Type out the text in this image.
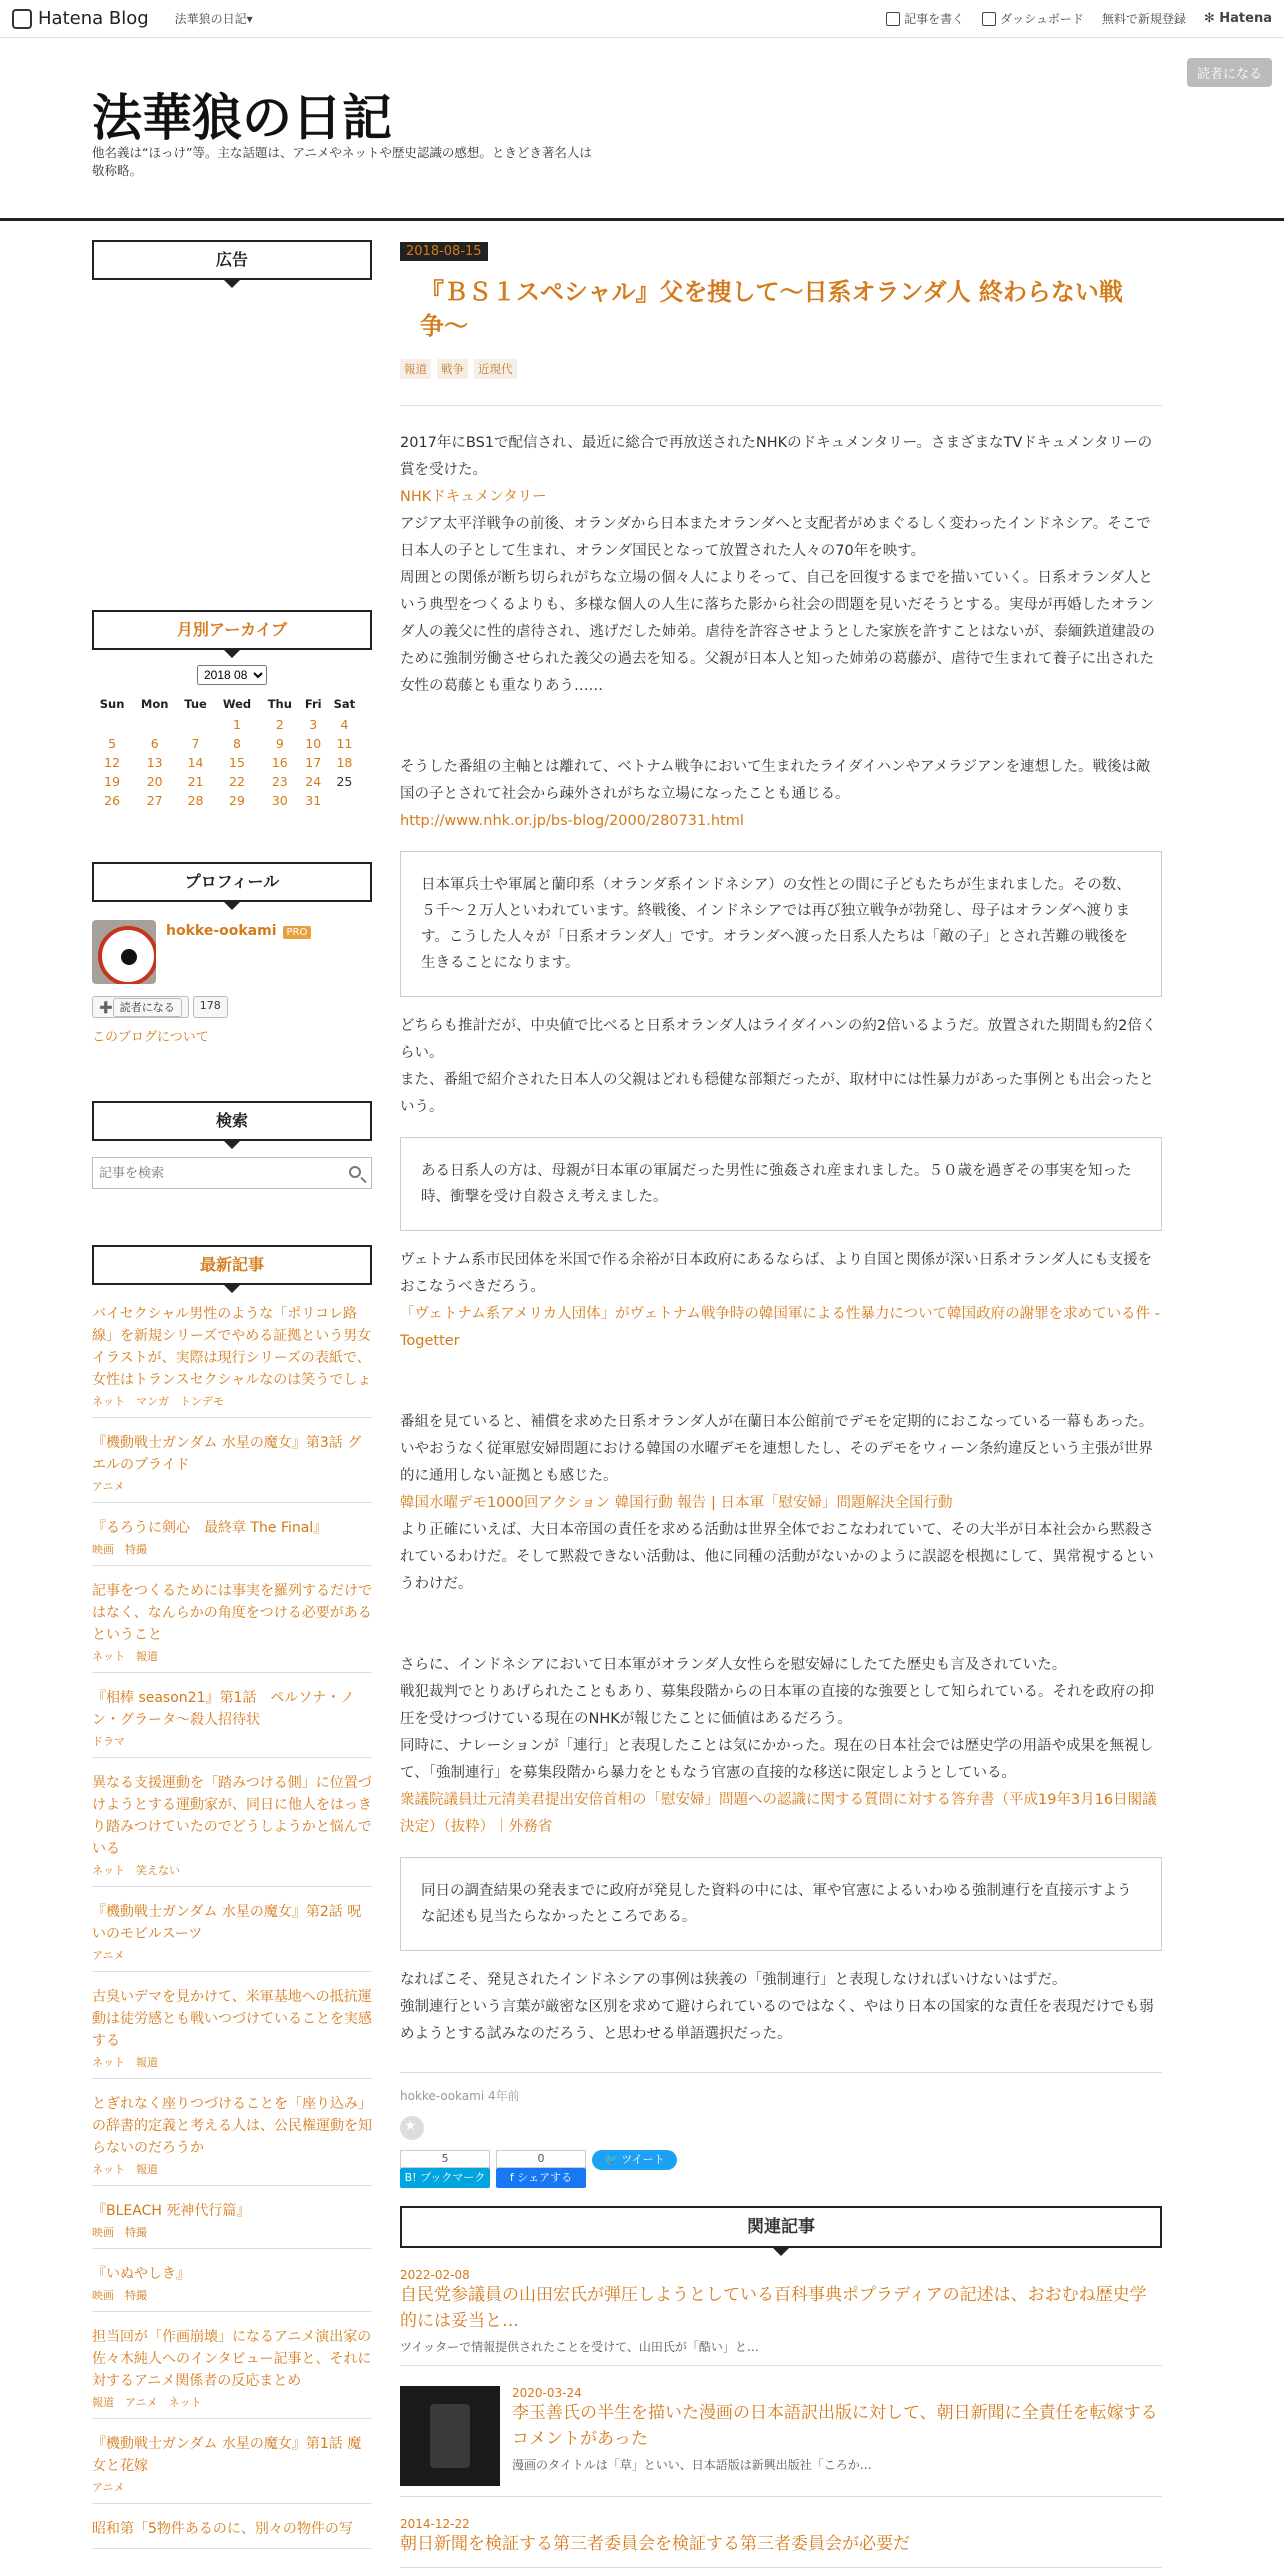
Hatena Blog 法華狼の日記▾	記事を書く	ダッシュボード 無料で新規登録 ✻ Hatena
法華狼の日記
他名義は“ほっけ”等。主な話題は、アニメやネットや歴史認識の感想。ときどき著名人は敬称略。
読者になる
広告
月別アーカイブ
2018 08
Sun	Mon	Tue	Wed	Thu	Fri	Sat
			1	2	3	4
5	6	7	8	9	10	11
12	13	14	15	16	17	18
19	20	21	22	23	24	25
26	27	28	29	30	31	
プロフィール
hokke-ookami PRO
➕ 読者になる	178
このブログについて
検索
記事を検索
最新記事
バイセクシャル男性のような「ポリコレ路線」を新規シリーズでやめる証拠という男女イラストが、実際は現行シリーズの表紙で、女性はトランスセクシャルなのは笑うでしょ
ネット　マンガ　トンデモ
『機動戦士ガンダム 水星の魔女』第3話 グエルのプライド
アニメ
『るろうに剣心　最終章 The Final』
映画　特撮
記事をつくるためには事実を羅列するだけではなく、なんらかの角度をつける必要があるということ
ネット　報道
『相棒 season21』第1話　ペルソナ・ノン・グラータ～殺人招待状
ドラマ
異なる支援運動を「踏みつける側」に位置づけようとする運動家が、同日に他人をはっきり踏みつけていたのでどうしようかと悩んでいる
ネット　笑えない
『機動戦士ガンダム 水星の魔女』第2話 呪いのモビルスーツ
アニメ
古臭いデマを見かけて、米軍基地への抵抗運動は徒労感とも戦いつづけていることを実感する
ネット　報道
とぎれなく座りつづけることを「座り込み」の辞書的定義と考える人は、公民権運動を知らないのだろうか
ネット　報道
『BLEACH 死神代行篇』
映画　特撮
『いぬやしき』
映画　特撮
担当回が「作画崩壊」になるアニメ演出家の佐々木純人へのインタビュー記事と、それに対するアニメ関係者の反応まとめ
報道　アニメ　ネット
『機動戦士ガンダム 水星の魔女』第1話 魔女と花嫁
アニメ
昭和第「5物件あるのに、別々の物件の写
2018-08-15
『ＢＳ１スペシャル』父を捜して〜日系オランダ人 終わらない戦争〜
報道	戦争	近現代

2017年にBS1で配信され、最近に総合で再放送されたNHKのドキュメンタリー。さまざまなTVドキュメンタリーの賞を受けた。

NHKドキュメンタリー

アジア太平洋戦争の前後、オランダから日本またオランダへと支配者がめまぐるしく変わったインドネシア。そこで日本人の子として生まれ、オランダ国民となって放置された人々の70年を映す。

周囲との関係が断ち切られがちな立場の個々人によりそって、自己を回復するまでを描いていく。日系オランダ人という典型をつくるよりも、多様な個人の人生に落ちた影から社会の問題を見いだそうとする。実母が再婚したオランダ人の義父に性的虐待され、逃げだした姉弟。虐待を許容させようとした家族を許すことはないが、泰緬鉄道建設のために強制労働させられた義父の過去を知る。父親が日本人と知った姉弟の葛藤が、虐待で生まれて養子に出された女性の葛藤とも重なりあう……

そうした番組の主軸とは離れて、ベトナム戦争において生まれたライダイハンやアメラジアンを連想した。戦後は敵国の子とされて社会から疎外されがちな立場になったことも通じる。

http://www.nhk.or.jp/bs-blog/2000/280731.html

日本軍兵士や軍属と蘭印系（オランダ系インドネシア）の女性との間に子どもたちが生まれました。その数、５千〜２万人といわれています。終戦後、インドネシアでは再び独立戦争が勃発し、母子はオランダへ渡ります。こうした人々が「日系オランダ人」です。オランダへ渡った日系人たちは「敵の子」とされ苦難の戦後を生きることになります。

どちらも推計だが、中央値で比べると日系オランダ人はライダイハンの約2倍いるようだ。放置された期間も約2倍くらい。

また、番組で紹介された日本人の父親はどれも穏健な部類だったが、取材中には性暴力があった事例とも出会ったという。

ある日系人の方は、母親が日本軍の軍属だった男性に強姦され産まれました。５０歳を過ぎその事実を知った時、衝撃を受け自殺さえ考えました。

ヴェトナム系市民団体を米国で作る余裕が日本政府にあるならば、より自国と関係が深い日系オランダ人にも支援をおこなうべきだろう。

「ヴェトナム系アメリカ人団体」がヴェトナム戦争時の韓国軍による性暴力について韓国政府の謝罪を求めている件 - Togetter

番組を見ていると、補償を求めた日系オランダ人が在蘭日本公館前でデモを定期的におこなっている一幕もあった。

いやおうなく従軍慰安婦問題における韓国の水曜デモを連想したし、そのデモをウィーン条約違反という主張が世界的に通用しない証拠とも感じた。

韓国水曜デモ1000回アクション 韓国行動 報告 | 日本軍「慰安婦」問題解決全国行動

より正確にいえば、大日本帝国の責任を求める活動は世界全体でおこなわれていて、その大半が日本社会から黙殺されているわけだ。そして黙殺できない活動は、他に同種の活動がないかのように誤認を根拠にして、異常視するというわけだ。

さらに、インドネシアにおいて日本軍がオランダ人女性らを慰安婦にしたてた歴史も言及されていた。

戦犯裁判でとりあげられたこともあり、募集段階からの日本軍の直接的な強要として知られている。それを政府の抑圧を受けつづけている現在のNHKが報じたことに価値はあるだろう。

同時に、ナレーションが「連行」と表現したことは気にかかった。現在の日本社会では歴史学の用語や成果を無視して、「強制連行」を募集段階から暴力をともなう官憲の直接的な移送に限定しようとしている。

衆議院議員辻元清美君提出安倍首相の「慰安婦」問題への認識に関する質問に対する答弁書（平成19年3月16日閣議決定）（抜粋）｜外務省

同日の調査結果の発表までに政府が発見した資料の中には、軍や官憲によるいわゆる強制連行を直接示すような記述も見当たらなかったところである。

なればこそ、発見されたインドネシアの事例は狭義の「強制連行」と表現しなければいけないはずだ。

強制連行という言葉が厳密な区別を求めて避けられているのではなく、やはり日本の国家的な責任を表現だけでも弱めようとする試みなのだろう、と思わせる単語選択だった。

hokke-ookami 4年前
★
5
B! ブックマーク
0
f シェアする
🐦 ツイート
関連記事
2022-02-08
自民党参議員の山田宏氏が弾圧しようとしている百科事典ポプラディアの記述は、おおむね歴史学的には妥当と…
ツイッターで情報提供されたことを受けて、山田氏が「酷い」と…
2020-03-24
李玉善氏の半生を描いた漫画の日本語訳出版に対して、朝日新聞に全責任を転嫁するコメントがあった
漫画のタイトルは「草」といい、日本語版は新興出版社「ころか…
2014-12-22
朝日新聞を検証する第三者委員会を検証する第三者委員会が必要だ
